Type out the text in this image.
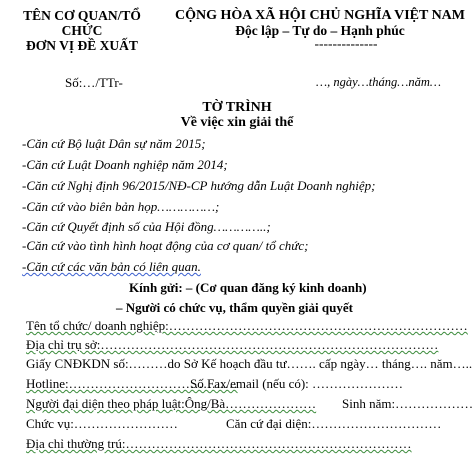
TÊN CƠ QUAN/TỔ
CHỨC
ĐƠN VỊ ĐỀ XUẤT
CỘNG HÒA XÃ HỘI CHỦ NGHĨA VIỆT NAM
Độc lập – Tự do – Hạnh phúc
--------------
Số:…/TTr-	…, ngày…tháng…năm…
TỜ TRÌNH
Về việc xin giải thể
-Căn cứ Bộ luật Dân sự năm 2015;
-Căn cứ Luật Doanh nghiệp năm 2014;
-Căn cứ Nghị định 96/2015/NĐ-CP hướng dẫn Luật Doanh nghiệp;
-Căn cứ vào biên bản họp……………;
-Căn cứ Quyết định số của Hội đồng…………..;
-Căn cứ vào tình hình hoạt động của cơ quan/ tổ chức;
-Căn cứ các văn bản có liên quan.
Kính gửi: – (Cơ quan đăng ký kinh doanh)
– Người có chức vụ, thẩm quyền giải quyết
Tên tổ chức/ doanh nghiệp:……………………………………………………………
Địa chỉ trụ sở:……………………………………………………………………
Giấy CNĐKDN số:………do Sở Kế hoạch đầu tư……. cấp ngày… tháng…. năm…..
Hotline:…………………………………
Số Fax/email (nếu có): …………………
Người đại diện theo pháp luật:Ông/Bà…………………	Sinh năm:………………
Chức vụ:……………………	Căn cứ đại diện:…………………………
Địa chỉ thường trú:…………………………………………………………
